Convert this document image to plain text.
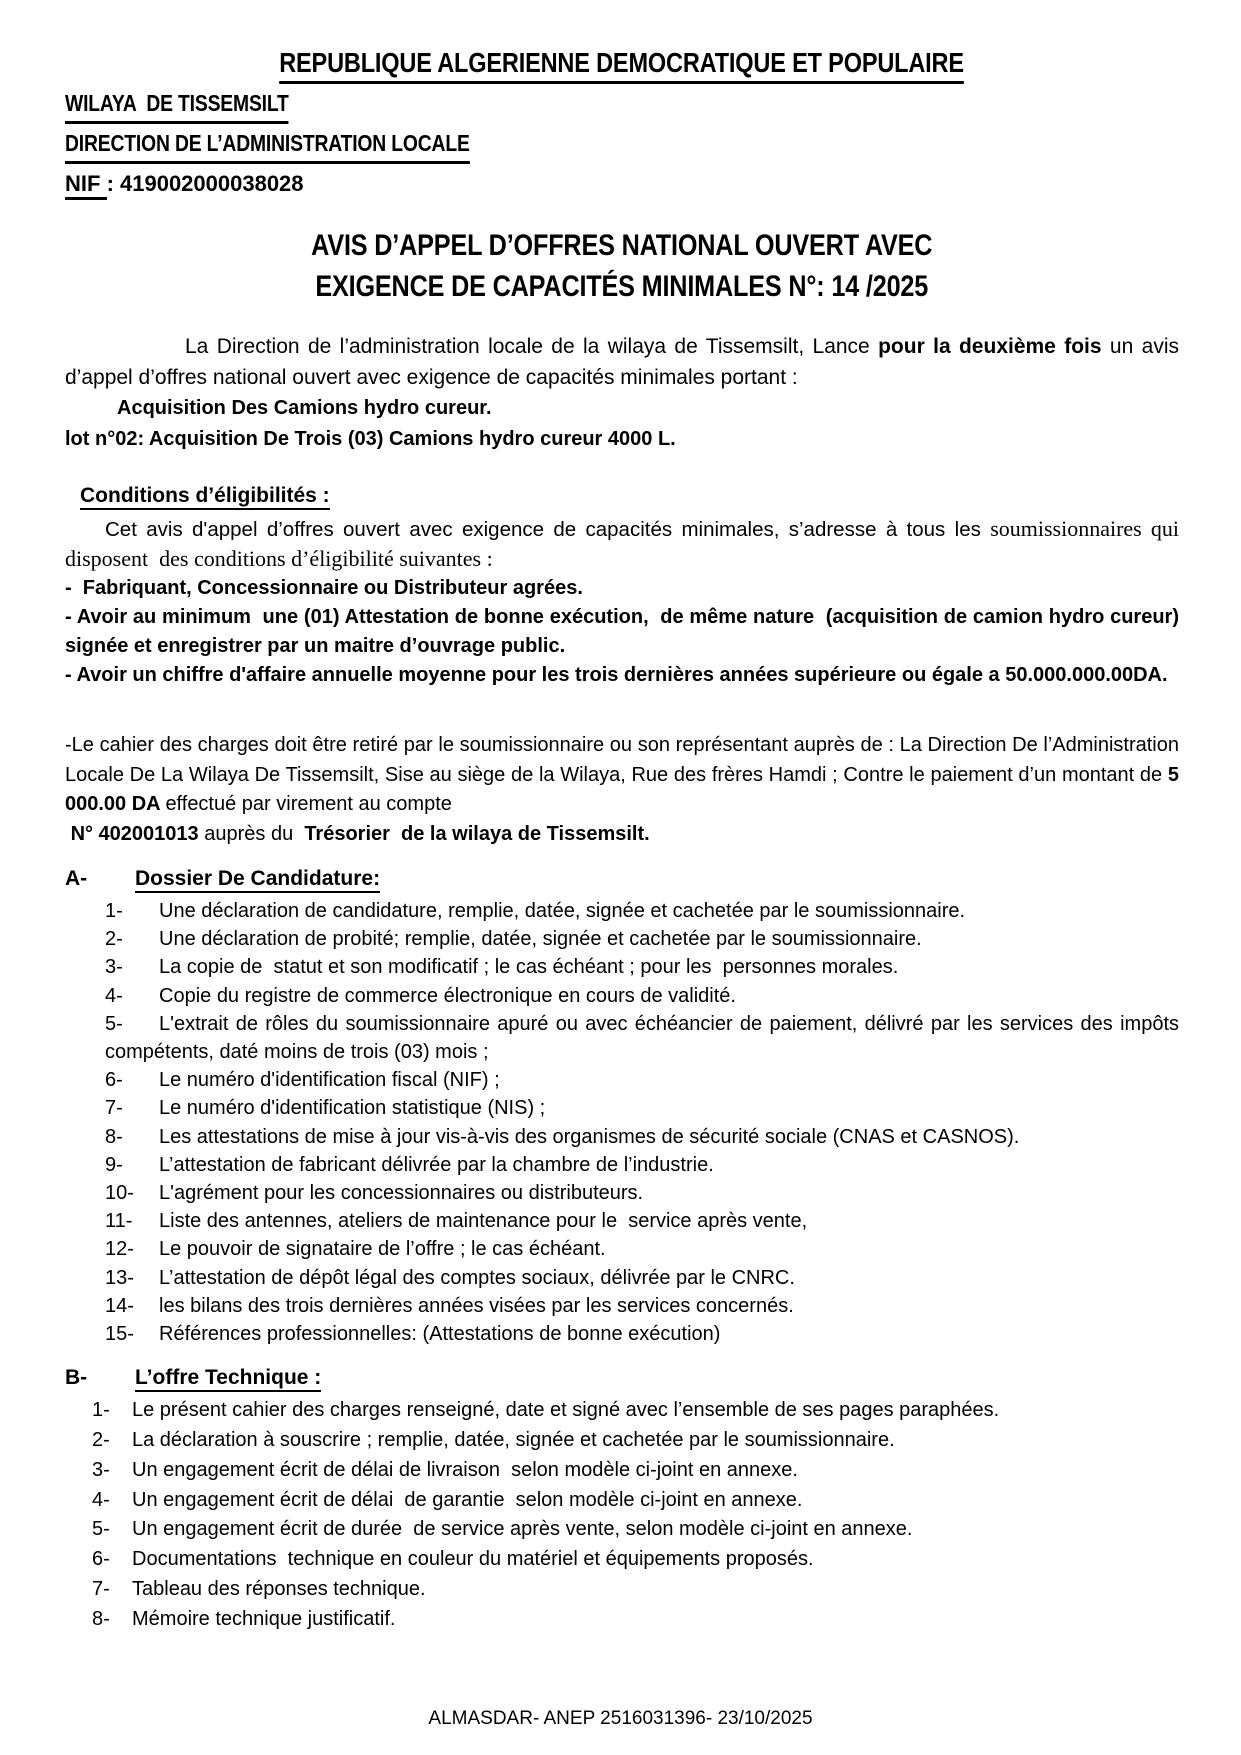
REPUBLIQUE ALGERIENNE DEMOCRATIQUE ET POPULAIRE
WILAYA  DE TISSEMSILT
DIRECTION DE L’ADMINISTRATION LOCALE
NIF : 419002000038028
AVIS D’APPEL D’OFFRES NATIONAL OUVERT AVEC
EXIGENCE DE CAPACITÉS MINIMALES N°: 14 /2025

La Direction de l’administration locale de la wilaya de Tissemsilt, Lance pour la deuxième fois un avis d’appel d’offres national ouvert avec exigence de capacités minimales portant :

Acquisition Des Camions hydro cureur.

lot n°02: Acquisition De Trois (03) Camions hydro cureur 4000 L.

Conditions d’éligibilités :

Cet avis d'appel d’offres ouvert avec exigence de capacités minimales, s’adresse à tous les soumissionnaires qui disposent  des conditions d’éligibilité suivantes :

-  Fabriquant, Concessionnaire ou Distributeur agrées.

- Avoir au minimum  une (01) Attestation de bonne exécution,  de même nature  (acquisition de camion hydro cureur) signée et enregistrer par un maitre d’ouvrage public.

- Avoir un chiffre d'affaire annuelle moyenne pour les trois dernières années supérieure ou égale a 50.000.000.00DA.

-Le cahier des charges doit être retiré par le soumissionnaire ou son représentant auprès de : La Direction De l’Administration Locale De La Wilaya De Tissemsilt, Sise au siège de la Wilaya, Rue des frères Hamdi ; Contre le paiement d’un montant de 5 000.00 DA effectué par virement au compte

N° 402001013 auprès du  Trésorier  de la wilaya de Tissemsilt.

A- Dossier De Candidature:
1- Une déclaration de candidature, remplie, datée, signée et cachetée par le soumissionnaire.
2- Une déclaration de probité; remplie, datée, signée et cachetée par le soumissionnaire.
3- La copie de  statut et son modificatif ; le cas échéant ; pour les  personnes morales.
4- Copie du registre de commerce électronique en cours de validité.
5- L'extrait de rôles du soumissionnaire apuré ou avec échéancier de paiement, délivré par les services des impôts compétents, daté moins de trois (03) mois ;
6- Le numéro d'identification fiscal (NIF) ;
7- Le numéro d'identification statistique (NIS) ;
8- Les attestations de mise à jour vis-à-vis des organismes de sécurité sociale (CNAS et CASNOS).
9- L’attestation de fabricant délivrée par la chambre de l’industrie.
10- L'agrément pour les concessionnaires ou distributeurs.
11- Liste des antennes, ateliers de maintenance pour le  service après vente,
12- Le pouvoir de signataire de l’offre ; le cas échéant.
13- L’attestation de dépôt légal des comptes sociaux, délivrée par le CNRC.
14- les bilans des trois dernières années visées par les services concernés.
15- Références professionnelles: (Attestations de bonne exécution)
B- L’offre Technique :
1- Le présent cahier des charges renseigné, date et signé avec l’ensemble de ses pages paraphées.
2- La déclaration à souscrire ; remplie, datée, signée et cachetée par le soumissionnaire.
3- Un engagement écrit de délai de livraison  selon modèle ci-joint en annexe.
4- Un engagement écrit de délai  de garantie  selon modèle ci-joint en annexe.
5- Un engagement écrit de durée  de service après vente, selon modèle ci-joint en annexe.
6- Documentations  technique en couleur du matériel et équipements proposés.
7- Tableau des réponses technique.
8- Mémoire technique justificatif.
ALMASDAR- ANEP 2516031396- 23/10/2025
